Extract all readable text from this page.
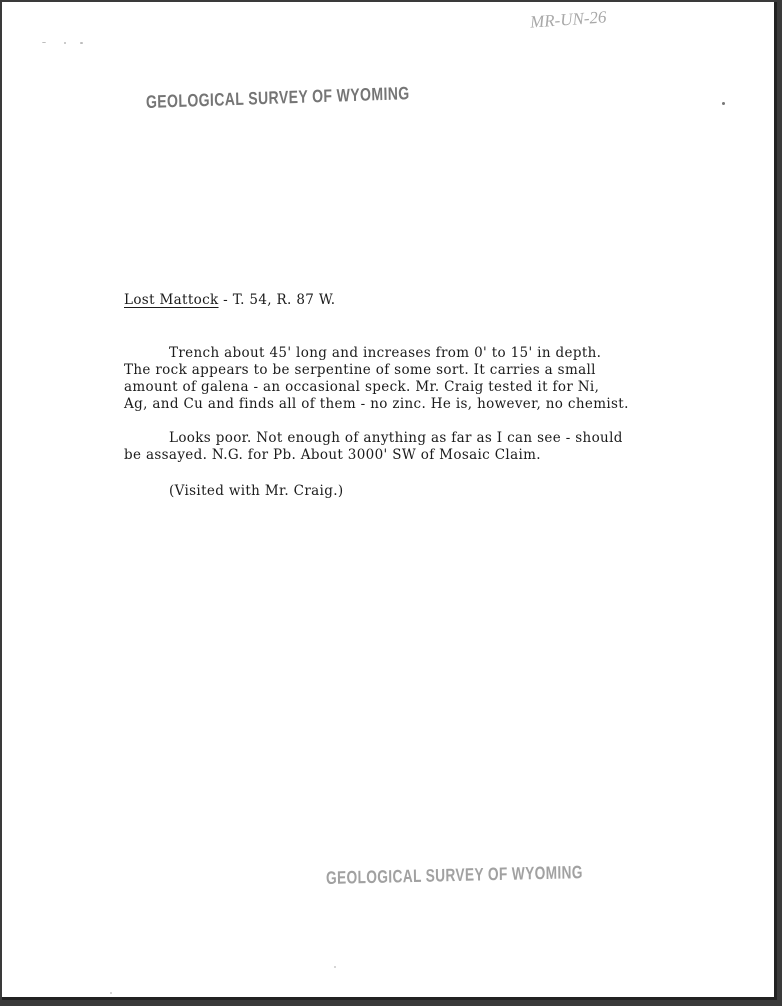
MR-UN-26
GEOLOGICAL SURVEY OF WYOMING
Lost Mattock - T. 54, R. 87 W.
Trench about 45' long and increases from 0' to 15' in depth.
The rock appears to be serpentine of some sort. It carries a small
amount of galena - an occasional speck. Mr. Craig tested it for Ni,
Ag, and Cu and finds all of them - no zinc. He is, however, no chemist.
Looks poor. Not enough of anything as far as I can see - should
be assayed. N.G. for Pb. About 3000' SW of Mosaic Claim.
(Visited with Mr. Craig.)
GEOLOGICAL SURVEY OF WYOMING
